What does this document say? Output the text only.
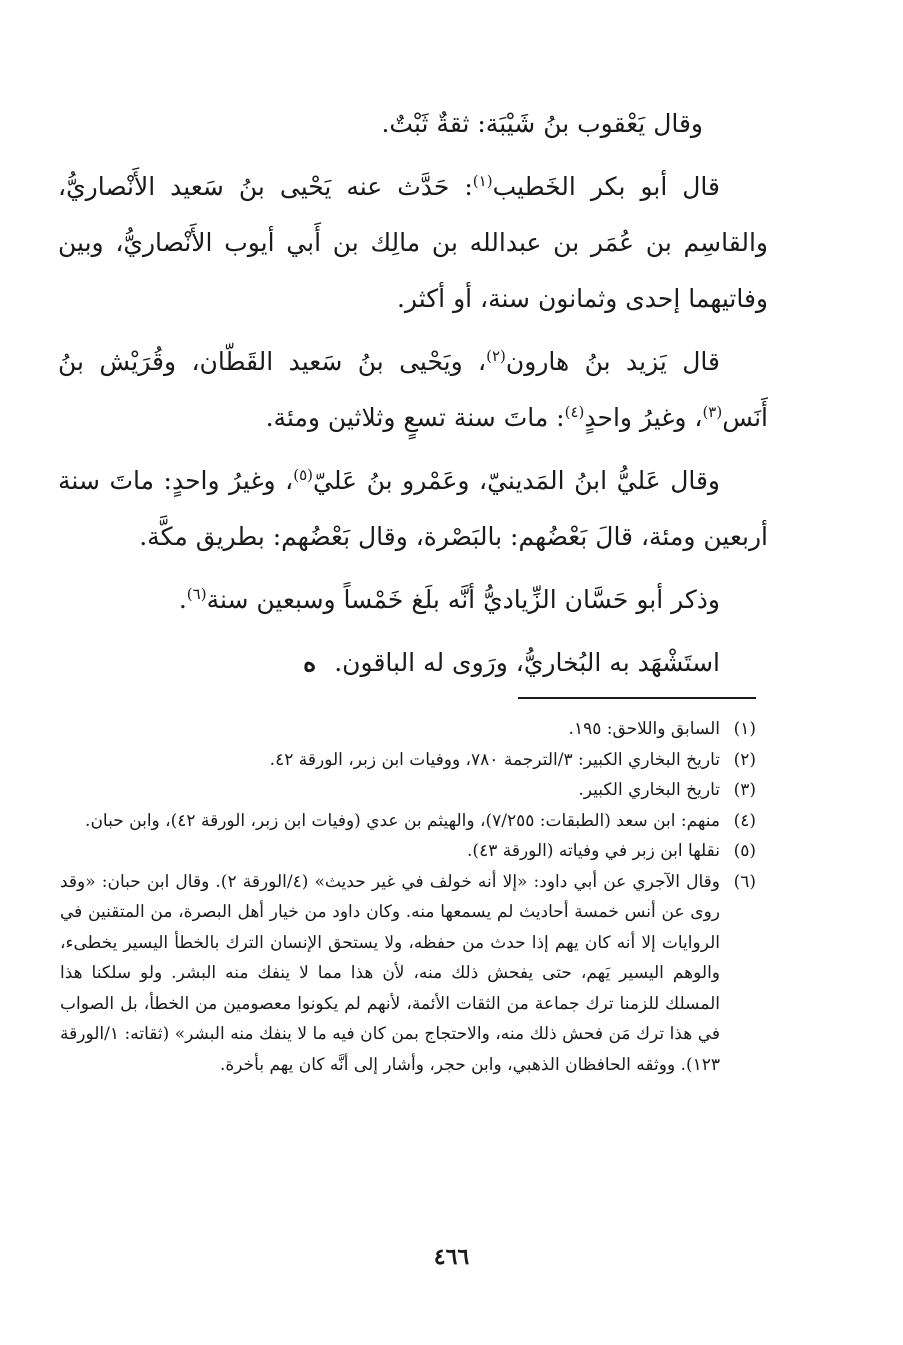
وقال يَعْقوب بنُ شَيْبَة: ثقةٌ ثَبْتٌ.

قال أبو بكر الخَطيب$^{(١)}$: حَدَّث عنه يَحْيى بنُ سَعيد الأَنْصاريُّ، والقاسِم بن عُمَر بن عبدالله بن مالِك بن أَبي أيوب الأَنْصاريُّ، وبين وفاتيهما إحدى وثمانون سنة، أو أكثر.

قال يَزيد بنُ هارون$^{(٢)}$، ويَحْيى بنُ سَعيد القَطّان، وقُرَيْش بنُ أَنَس$^{(٣)}$، وغيرُ واحدٍ$^{(٤)}$: ماتَ سنة تسعٍ وثلاثين ومئة.

وقال عَليُّ ابنُ المَدينيّ، وعَمْرو بنُ عَليّ$^{(٥)}$، وغيرُ واحدٍ: ماتَ سنة أربعين ومئة، قالَ بَعْضُهم: بالبَصْرة، وقال بَعْضُهم: بطريق مكَّة.

وذكر أبو حَسَّان الزِّياديُّ أنَّه بلَغ خَمْساً وسبعين سنة$^{(٦)}$.

استَشْهَد به البُخاريُّ، ورَوى له الباقون.ه

(١)
السابق واللاحق: ١٩٥.

(٢)
تاريخ البخاري الكبير: ٣/الترجمة ٧٨٠، ووفيات ابن زبر، الورقة ٤٢.

(٣)
تاريخ البخاري الكبير.

(٤)
منهم: ابن سعد (الطبقات: ٧/٢٥٥)، والهيثم بن عدي (وفيات ابن زبر، الورقة ٤٢)، وابن حبان.

(٥)
نقلها ابن زبر في وفياته (الورقة ٤٣).

(٦)
وقال الآجري عن أبي داود: «إلا أنه خولف في غير حديث» (٤/الورقة ٢). وقال ابن حبان: «وقد روى عن أنس خمسة أحاديث لم يسمعها منه. وكان داود من خيار أهل البصرة، من المتقنين في الروايات إلا أنه كان يهم إذا حدث من حفظه، ولا يستحق الإنسان الترك بالخطأ اليسير يخطىء، والوهم اليسير يَهم، حتى يفحش ذلك منه، لأن هذا مما لا ينفك منه البشر. ولو سلكنا هذا المسلك للزمنا ترك جماعة من الثقات الأئمة، لأنهم لم يكونوا معصومين من الخطأ، بل الصواب في هذا ترك مَن فحش ذلك منه، والاحتجاج بمن كان فيه ما لا ينفك منه البشر» (ثقاته: ١/الورقة ١٢٣). ووثقه الحافظان الذهبي، وابن حجر، وأشار إلى أنَّه كان يهم بأخرة.

٤٦٦
